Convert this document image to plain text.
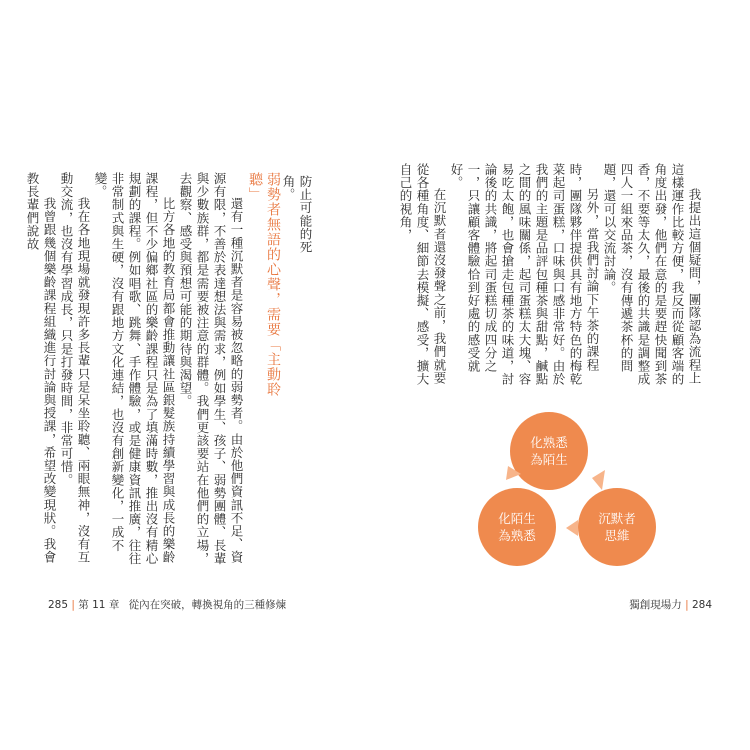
防止可能的死角。

弱勢者無語的心聲，需要「主動聆聽」

還有一種沉默者是容易被忽略的弱勢者。由於他們資訊不足、資源有限，不善於表達想法與需求，例如學生、孩子、弱勢團體、長輩與少數族群，都是需要被注意的群體。我們更該要站在他們的立場，去觀察、感受與預想可能的期待與渴望。

比方各地的教育局都會推動讓社區銀髮族持續學習與成長的樂齡課程，但不少偏鄉社區的樂齡課程只是為了填滿時數，推出沒有精心規劃的課程。例如唱歌、跳舞、手作體驗，或是健康資訊推廣，往往非常制式與生硬，沒有跟地方文化連結，也沒有創新變化，一成不變。

我在各地現場就發現許多長輩只是呆坐聆聽、兩眼無神，沒有互動交流，也沒有學習成長，只是打發時間，非常可惜。

我曾跟幾個樂齡課程組織進行討論與授課，希望改變現狀。我會教長輩們說故

285 | 第 11 章 從內在突破，轉換視角的三種修煉

我提出這個疑問，團隊認為流程上這樣運作比較方便，我反而從顧客端的角度出發，他們在意的是要趕快聞到茶香，不要等太久，最後的共識是調整成四人一組來品茶，沒有傳遞茶杯的問題，還可以交流討論。

另外，當我們討論下午茶的課程時，團隊夥伴提供具有地方特色的梅乾菜起司蛋糕，口味與口感非常好。由於我們的主題是品評包種茶與甜點，鹹點之間的風味關係，起司蛋糕太大塊、容易吃太飽，也會搶走包種茶的味道，討論後的共識，將起司蛋糕切成四分之一，只讓顧客體驗恰到好處的感受就好。

在沉默者還沒發聲之前，我們就要從各種角度、細節去模擬、感受，擴大自己的視角，

化熟悉
為陌生
沉默者
思維
化陌生
為熟悉
獨創現場力 | 284
